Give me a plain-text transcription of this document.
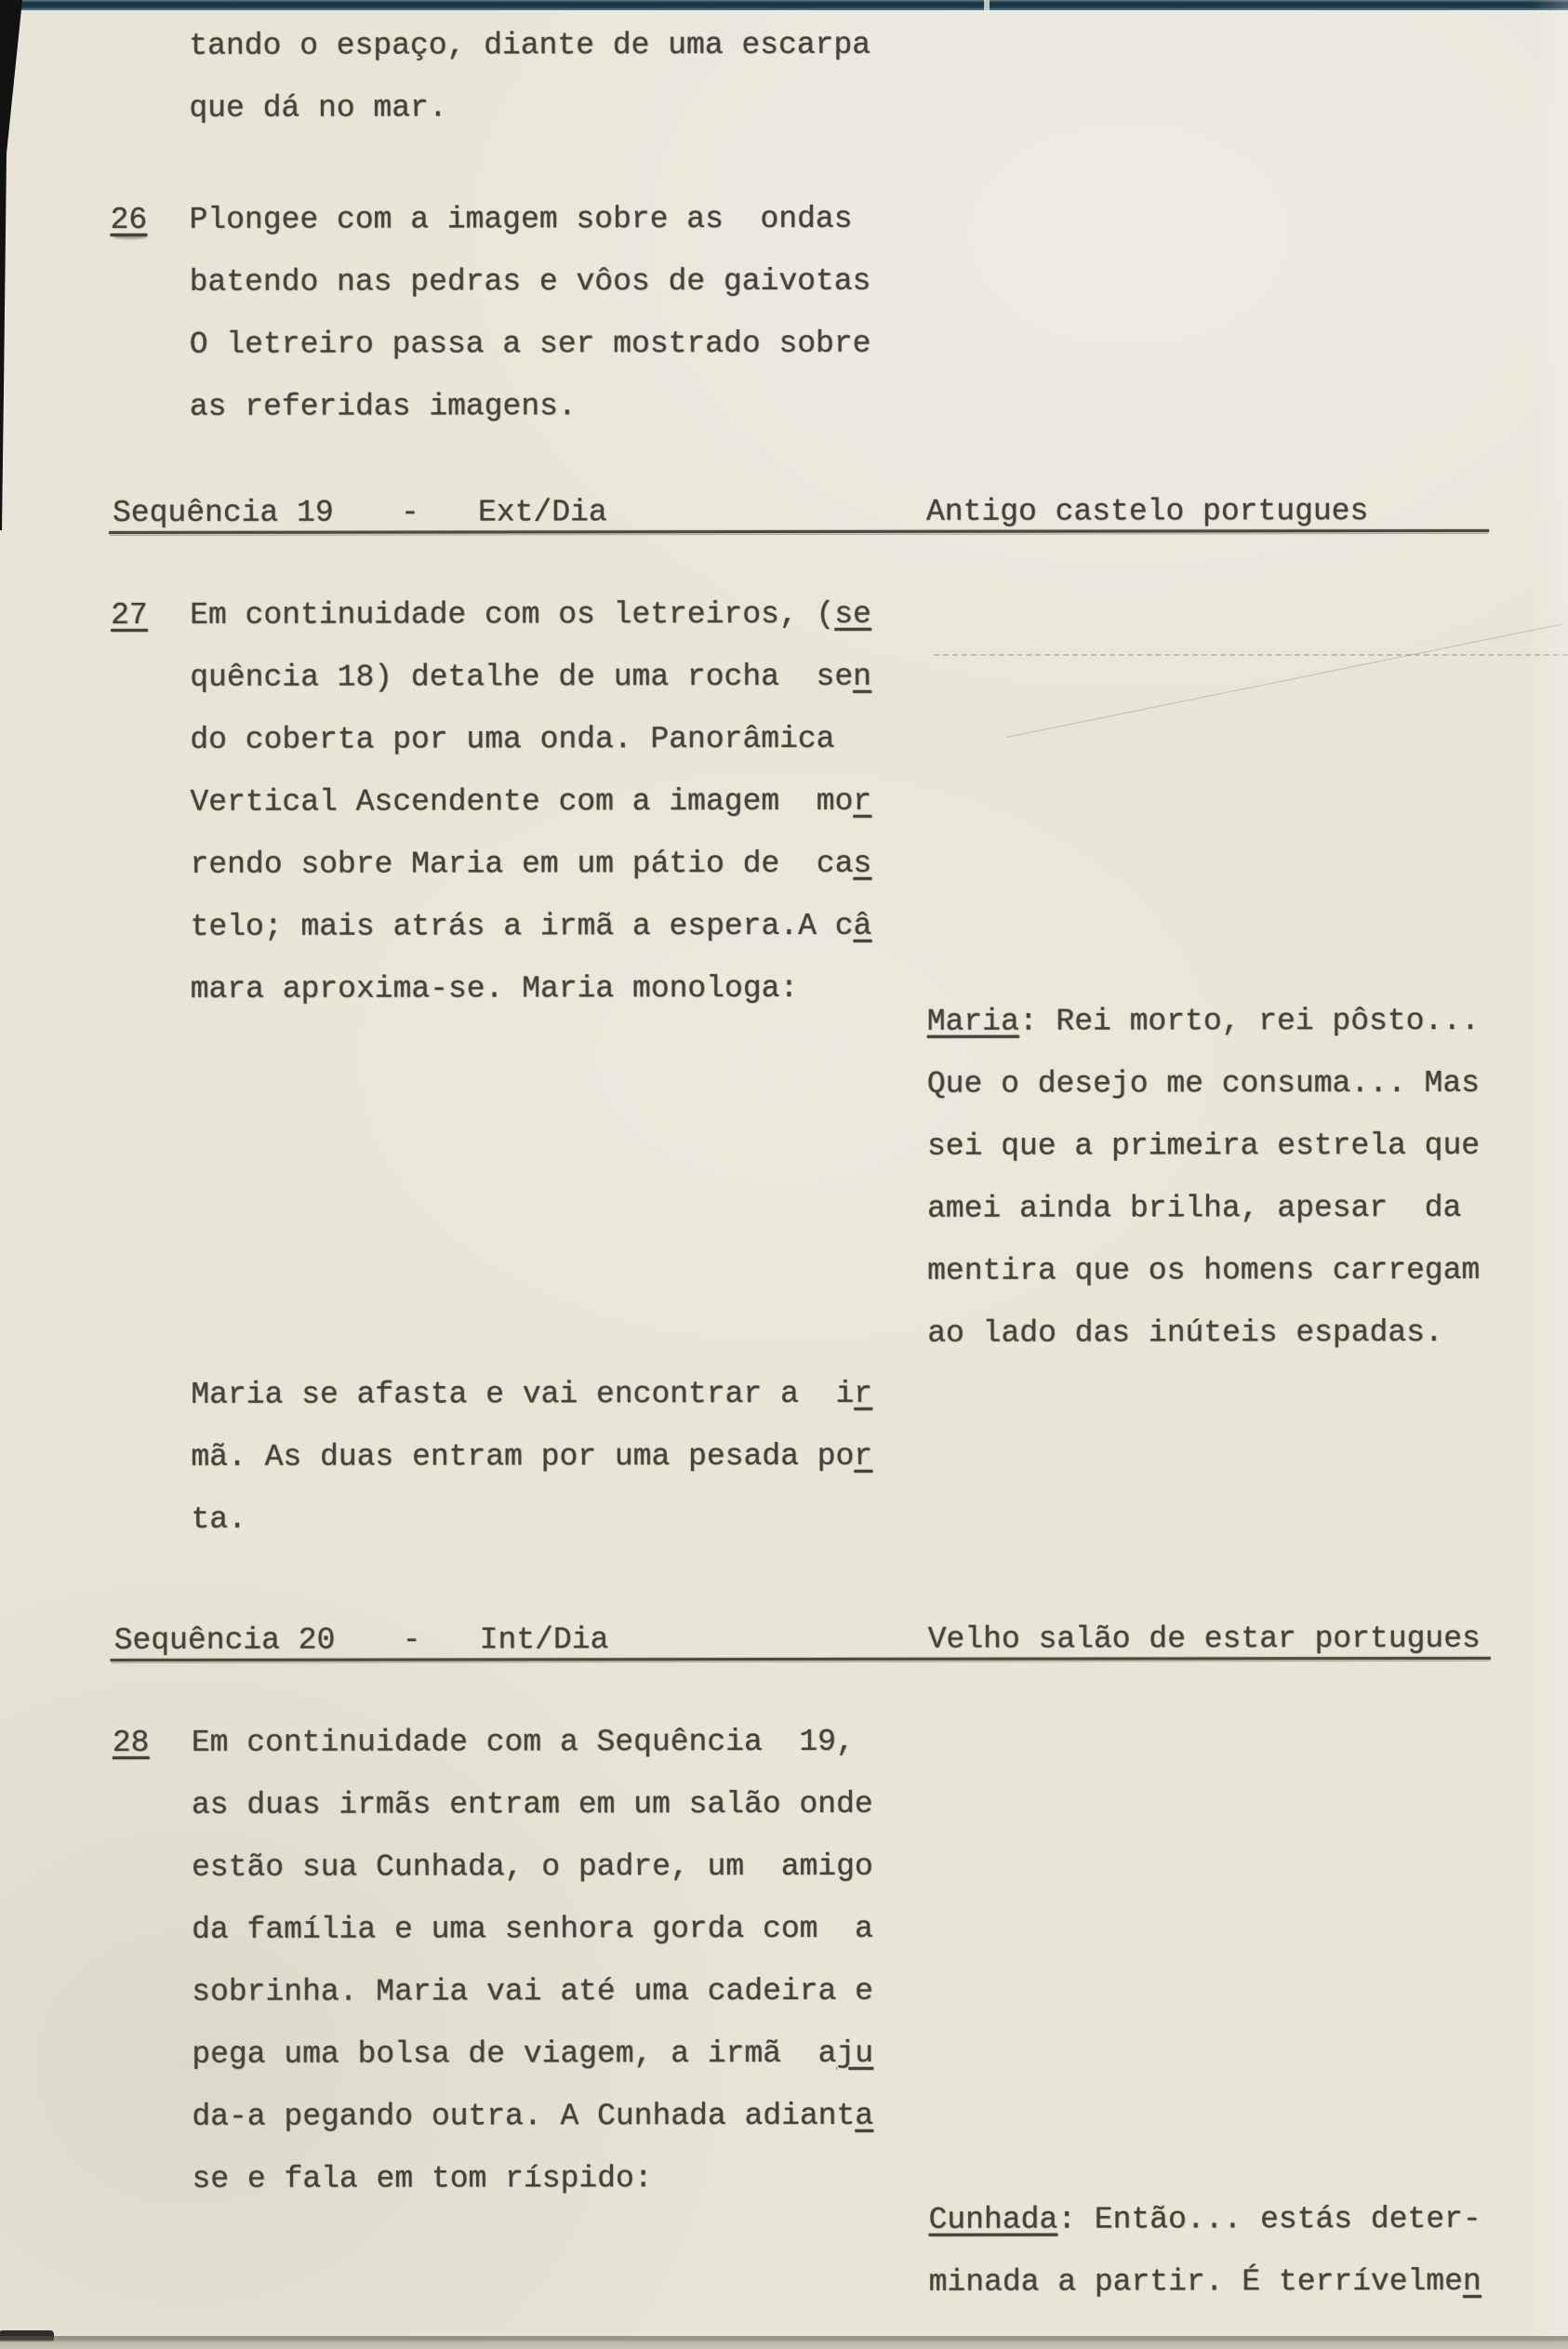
tando o espaço, diante de uma escarpa
que dá no mar.
26 Plongee com a imagem sobre as  ondas
batendo nas pedras e vôos de gaivotas
O letreiro passa a ser mostrado sobre
as referidas imagens.
Sequência 19 - Ext/Dia	Antigo castelo portugues
27 Em continuidade com os letreiros, (se
quência 18) detalhe de uma rocha  sen
do coberta por uma onda. Panorâmica
Vertical Ascendente com a imagem  mor
rendo sobre Maria em um pátio de  cas
telo; mais atrás a irmã a espera.A câ
mara aproxima-se. Maria monologa:
Maria: Rei morto, rei pôsto...
Que o desejo me consuma... Mas
sei que a primeira estrela que
amei ainda brilha, apesar  da
mentira que os homens carregam
ao lado das inúteis espadas.
Maria se afasta e vai encontrar a  ir
mã. As duas entram por uma pesada por
ta.
Sequência 20 - Int/Dia	Velho salão de estar portugues
28 Em continuidade com a Sequência  19,
as duas irmãs entram em um salão onde
estão sua Cunhada, o padre, um  amigo
da família e uma senhora gorda com  a
sobrinha. Maria vai até uma cadeira e
pega uma bolsa de viagem, a irmã  aju
da-a pegando outra. A Cunhada adianta
se e fala em tom ríspido:
Cunhada: Então... estás deter-
minada a partir. É terrívelmen
